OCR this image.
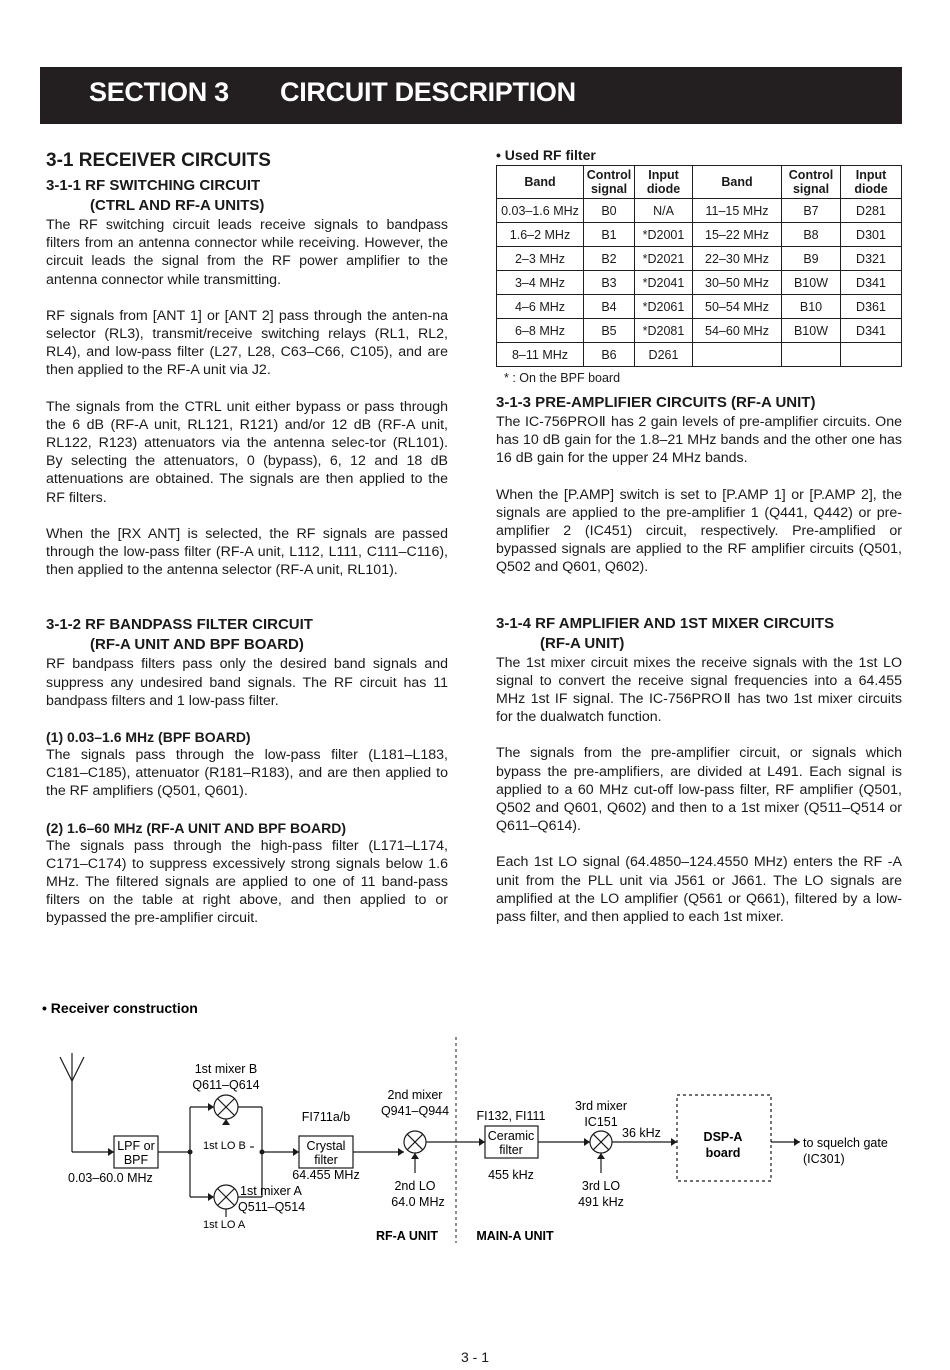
SECTION 3 CIRCUIT DESCRIPTION
3-1 RECEIVER CIRCUITS
3-1-1 RF SWITCHING CIRCUIT
(CTRL AND RF-A UNITS)

The RF switching circuit leads receive signals to bandpass filters from an antenna connector while receiving. However, the circuit leads the signal from the RF power amplifier to the antenna connector while transmitting.

RF signals from [ANT 1] or [ANT 2] pass through the anten-na selector (RL3), transmit/receive switching relays (RL1, RL2, RL4), and low-pass filter (L27, L28, C63–C66, C105), and are then applied to the RF-A unit via J2.

The signals from the CTRL unit either bypass or pass through the 6 dB (RF-A unit, RL121, R121) and/or 12 dB (RF-A unit, RL122, R123) attenuators via the antenna selec-tor (RL101). By selecting the attenuators, 0 (bypass), 6, 12 and 18 dB attenuations are obtained. The signals are then applied to the RF filters.

When the [RX ANT] is selected, the RF signals are passed through the low-pass filter (RF-A unit, L112, L111, C111–C116), then applied to the antenna selector (RF-A unit, RL101).

3-1-2 RF BANDPASS FILTER CIRCUIT
(RF-A UNIT AND BPF BOARD)

RF bandpass filters pass only the desired band signals and suppress any undesired band signals. The RF circuit has 11 bandpass filters and 1 low-pass filter.

(1) 0.03–1.6 MHz (BPF BOARD)

The signals pass through the low-pass filter (L181–L183, C181–C185), attenuator (R181–R183), and are then applied to the RF amplifiers (Q501, Q601).

(2) 1.6–60 MHz (RF-A UNIT AND BPF BOARD)

The signals pass through the high-pass filter (L171–L174, C171–C174) to suppress excessively strong signals below 1.6 MHz. The filtered signals are applied to one of 11 band-pass filters on the table at right above, and then applied to or bypassed the pre-amplifier circuit.

• Used RF filter
Band	Control signal	Input diode	Band	Control signal	Input diode
0.03–1.6 MHz	B0	N/A	11–15 MHz	B7	D281
1.6–2 MHz	B1	*D2001	15–22 MHz	B8	D301
2–3 MHz	B2	*D2021	22–30 MHz	B9	D321
3–4 MHz	B3	*D2041	30–50 MHz	B10W	D341
4–6 MHz	B4	*D2061	50–54 MHz	B10	D361
6–8 MHz	B5	*D2081	54–60 MHz	B10W	D341
8–11 MHz	B6	D261			
* : On the BPF board
3-1-3 PRE-AMPLIFIER CIRCUITS (RF-A UNIT)

The IC-756PROⅡ has 2 gain levels of pre-amplifier circuits. One has 10 dB gain for the 1.8–21 MHz bands and the other one has 16 dB gain for the upper 24 MHz bands.

When the [P.AMP] switch is set to [P.AMP 1] or [P.AMP 2], the signals are applied to the pre-amplifier 1 (Q441, Q442) or pre-amplifier 2 (IC451) circuit, respectively. Pre-amplified or bypassed signals are applied to the RF amplifier circuits (Q501, Q502 and Q601, Q602).

3-1-4 RF AMPLIFIER AND 1ST MIXER CIRCUITS
(RF-A UNIT)

The 1st mixer circuit mixes the receive signals with the 1st LO signal to convert the receive signal frequencies into a 64.455 MHz 1st IF signal. The IC-756PROⅡ has two 1st mixer circuits for the dualwatch function.

The signals from the pre-amplifier circuit, or signals which bypass the pre-amplifiers, are divided at L491. Each signal is applied to a 60 MHz cut-off low-pass filter, RF amplifier (Q501, Q502 and Q601, Q602) and then to a 1st mixer (Q511–Q514 or Q611–Q614).

Each 1st LO signal (64.4850–124.4550 MHz) enters the RF -A unit from the PLL unit via J561 or J661. The LO signals are amplified at the LO amplifier (Q561 or Q661), filtered by a low-pass filter, and then applied to each 1st mixer.

• Receiver construction
LPF or
BPF
0.03–60.0 MHz
1st mixer B
Q611–Q614
1st LO B
1st mixer A
Q511–Q514
1st LO A
FI711a/b
Crystal
filter
64.455 MHz
2nd mixer
Q941–Q944
2nd LO
64.0 MHz
RF-A UNIT	MAIN-A UNIT
FI132, FI111
Ceramic
filter
455 kHz
3rd mixer
IC151
3rd LO
491 kHz
36 kHz	DSP-A
board
to squelch gate
(IC301)
3 - 1
